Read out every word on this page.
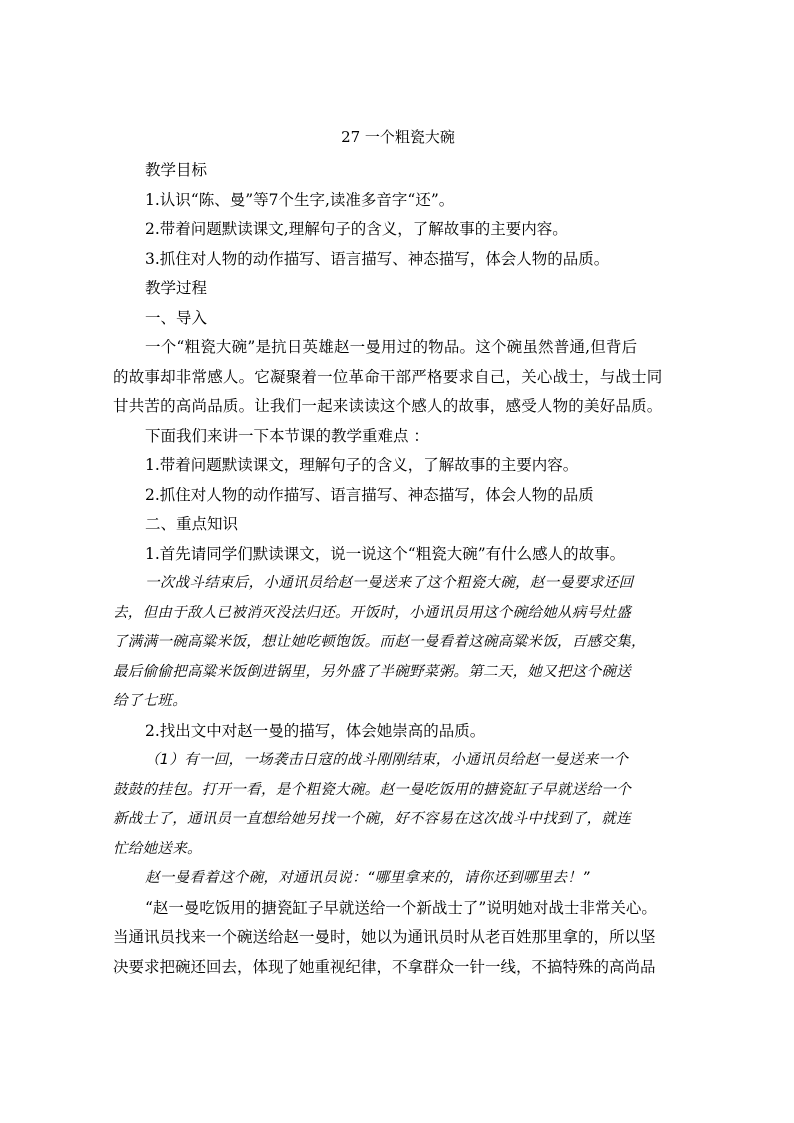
27 一个粗瓷大碗

教学目标

1.认识“陈、曼”等7个生字,读准多音字“还”。

2.带着问题默读课文,理解句子的含义，了解故事的主要内容。

3.抓住对人物的动作描写、语言描写、神态描写，体会人物的品质。

教学过程

一、导入

一个“粗瓷大碗”是抗日英雄赵一曼用过的物品。这个碗虽然普通,但背后

的故事却非常感人。它凝聚着一位革命干部严格要求自己，关心战士，与战士同

甘共苦的高尚品质。让我们一起来读读这个感人的故事，感受人物的美好品质。

下面我们来讲一下本节课的教学重难点 ：

1.带着问题默读课文，理解句子的含义，了解故事的主要内容。

2.抓住对人物的动作描写、语言描写、神态描写，体会人物的品质

二、重点知识

1.首先请同学们默读课文，说一说这个“粗瓷大碗”有什么感人的故事。

一次战斗结束后，小通讯员给赵一曼送来了这个粗瓷大碗，赵一曼要求还回

去，但由于敌人已被消灭没法归还。开饭时，小通讯员用这个碗给她从病号灶盛

了满满一碗高粱米饭，想让她吃顿饱饭。而赵一曼看着这碗高粱米饭，百感交集，

最后偷偷把高粱米饭倒进锅里，另外盛了半碗野菜粥。第二天，她又把这个碗送

给了七班。

2.找出文中对赵一曼的描写，体会她崇高的品质。

（1）有一回，一场袭击日寇的战斗刚刚结束，小通讯员给赵一曼送来一个

鼓鼓的挂包。打开一看，是个粗瓷大碗。赵一曼吃饭用的搪瓷缸子早就送给一个

新战士了，通讯员一直想给她另找一个碗，好不容易在这次战斗中找到了，就连

忙给她送来。

赵一曼看着这个碗，对通讯员说：“哪里拿来的，请你还到哪里去！”

“赵一曼吃饭用的搪瓷缸子早就送给一个新战士了”说明她对战士非常关心。

当通讯员找来一个碗送给赵一曼时，她以为通讯员时从老百姓那里拿的，所以坚

决要求把碗还回去，体现了她重视纪律，不拿群众一针一线，不搞特殊的高尚品
